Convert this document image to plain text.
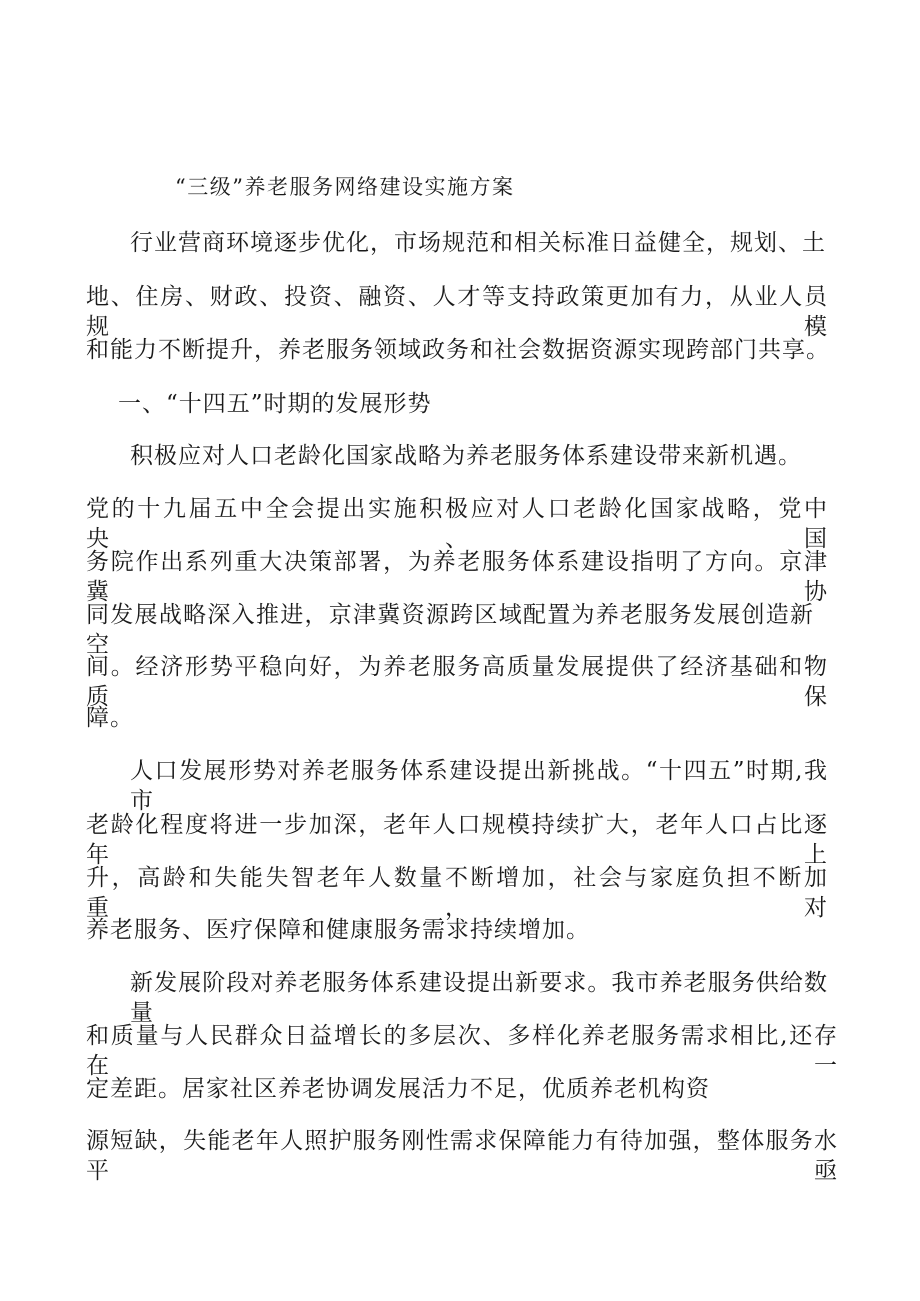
“三级”养老服务网络建设实施方案

行业营商环境逐步优化，市场规范和相关标准日益健全，规划、土

地、住房、财政、投资、融资、人才等支持政策更加有力，从业人员规模

和能力不断提升，养老服务领域政务和社会数据资源实现跨部门共享。

一、“十四五”时期的发展形势

积极应对人口老龄化国家战略为养老服务体系建设带来新机遇。

党的十九届五中全会提出实施积极应对人口老龄化国家战略，党中央、国

务院作出系列重大决策部署，为养老服务体系建设指明了方向。京津冀协

同发展战略深入推进，京津冀资源跨区域配置为养老服务发展创造新空

间。经济形势平稳向好，为养老服务高质量发展提供了经济基础和物质保

障。

人口发展形势对养老服务体系建设提出新挑战。“十四五”时期,我市

老龄化程度将进一步加深，老年人口规模持续扩大，老年人口占比逐年上

升，高龄和失能失智老年人数量不断增加，社会与家庭负担不断加重，对

养老服务、医疗保障和健康服务需求持续增加。

新发展阶段对养老服务体系建设提出新要求。我市养老服务供给数量

和质量与人民群众日益增长的多层次、多样化养老服务需求相比,还存在一

定差距。居家社区养老协调发展活力不足，优质养老机构资

源短缺，失能老年人照护服务刚性需求保障能力有待加强，整体服务水平亟
